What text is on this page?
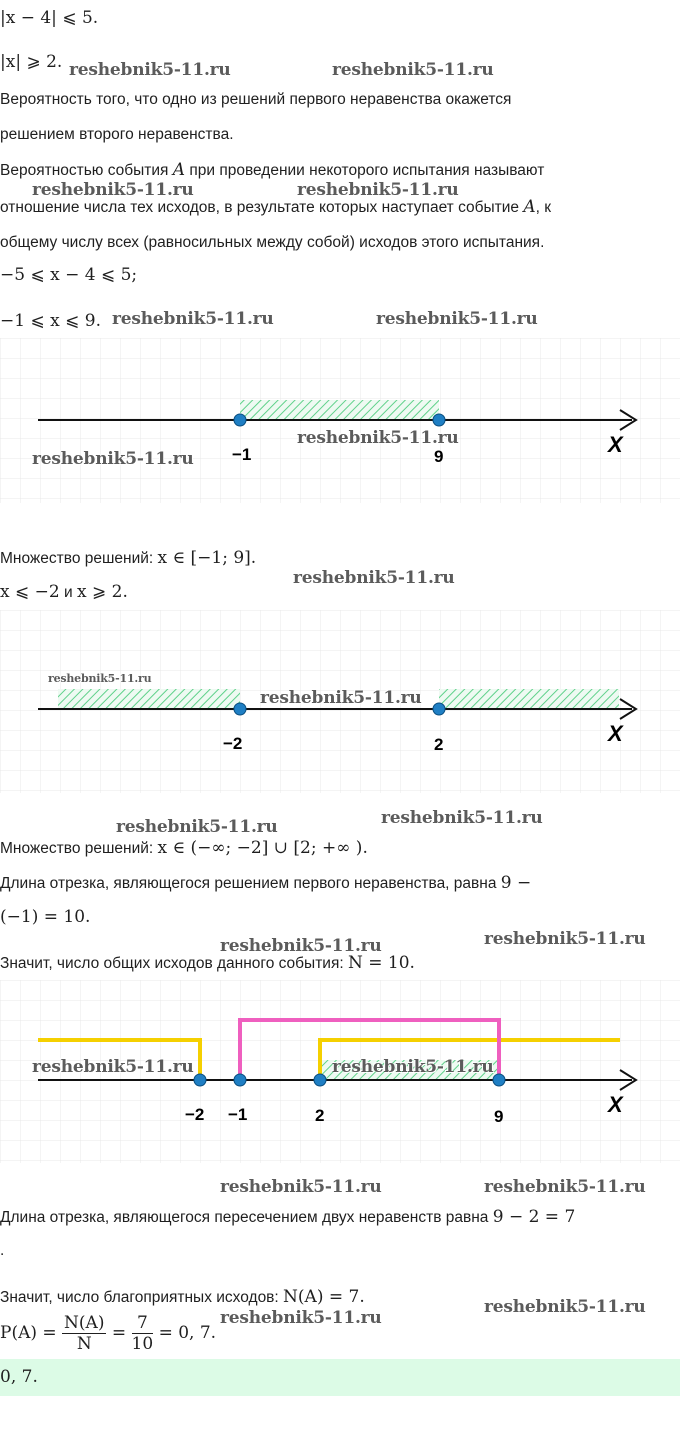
|x − 4| ⩽ 5.
|x| ⩾ 2.
Вероятность того, что одно из решений первого неравенства окажется
решением второго неравенства.
Вероятностью события A при проведении некоторого испытания называют
отношение числа тех исходов, в результате которых наступает событие A, к
общему числу всех (равносильных между собой) исходов этого испытания.
−5 ⩽ x − 4 ⩽ 5;
−1 ⩽ x ⩽ 9.
−1	9	X
Множество решений: x ∈ [−1; 9].
x ⩽ −2 и x ⩾ 2.
−2	2	X
Множество решений: x ∈ (−∞; −2] ∪ [2; +∞ ).
Длина отрезка, являющегося решением первого неравенства, равна 9 −
(−1) = 10.
Значит, число общих исходов данного события: N = 10.
−2 −1	2	9	X
Длина отрезка, являющегося пересечением двух неравенств равна 9 − 2 = 7
.
Значит, число благоприятных исходов: N(A) = 7.
$P(A) = \frac{N(A)}{N} = \frac{7}{10} = 0$, 7.
0, 7.
reshebnik5-11.ru	reshebnik5-11.ru
reshebnik5-11.ru	reshebnik5-11.ru
reshebnik5-11.ru	reshebnik5-11.ru
reshebnik5-11.ru
reshebnik5-11.ru
reshebnik5-11.ru
reshebnik5-11.ru
reshebnik5-11.ru
reshebnik5-11.ru
reshebnik5-11.ru
reshebnik5-11.ru
reshebnik5-11.ru
reshebnik5-11.ru	reshebnik5-11.ru
reshebnik5-11.ru	reshebnik5-11.ru
reshebnik5-11.ru
reshebnik5-11.ru
